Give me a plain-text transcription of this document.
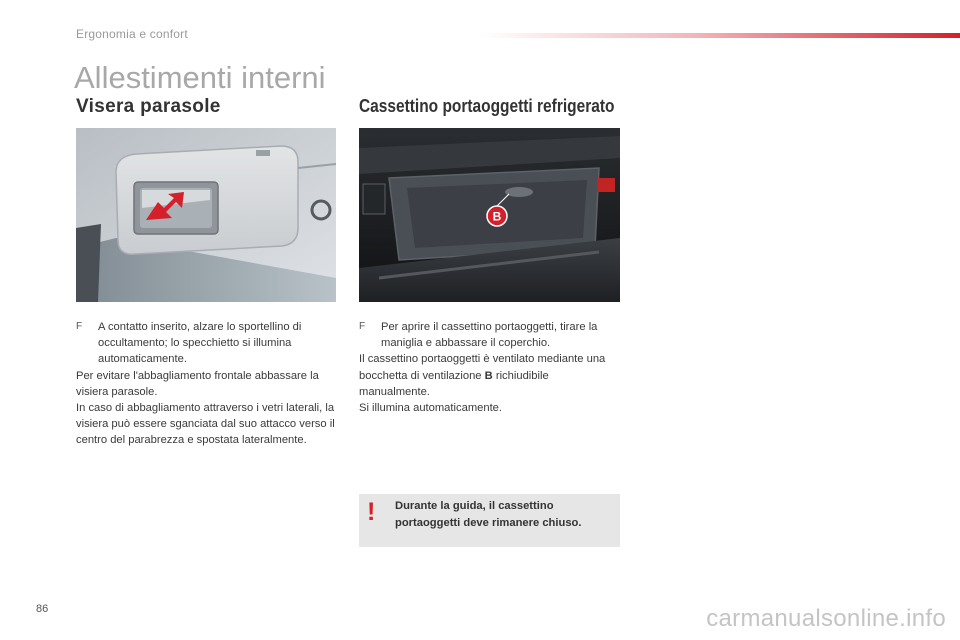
Ergonomia e confort
Allestimenti interni
Visera parasole	Cassettino portaoggetti refrigerato
B
F A contatto inserito, alzare lo sportellino di occultamento; lo specchietto si illumina automaticamente.

Per evitare l'abbagliamento frontale abbassare la visiera parasole.

In caso di abbagliamento attraverso i vetri laterali, la visiera può essere sganciata dal suo attacco verso il centro del parabrezza e spostata lateralmente.

F Per aprire il cassettino portaoggetti, tirare la maniglia e abbassare il coperchio.

Il cassettino portaoggetti è ventilato mediante una bocchetta di ventilazione B richiudibile manualmente.

Si illumina automaticamente.

! Durante la guida, il cassettino portaoggetti deve rimanere chiuso.
86	carmanualsonline.info
